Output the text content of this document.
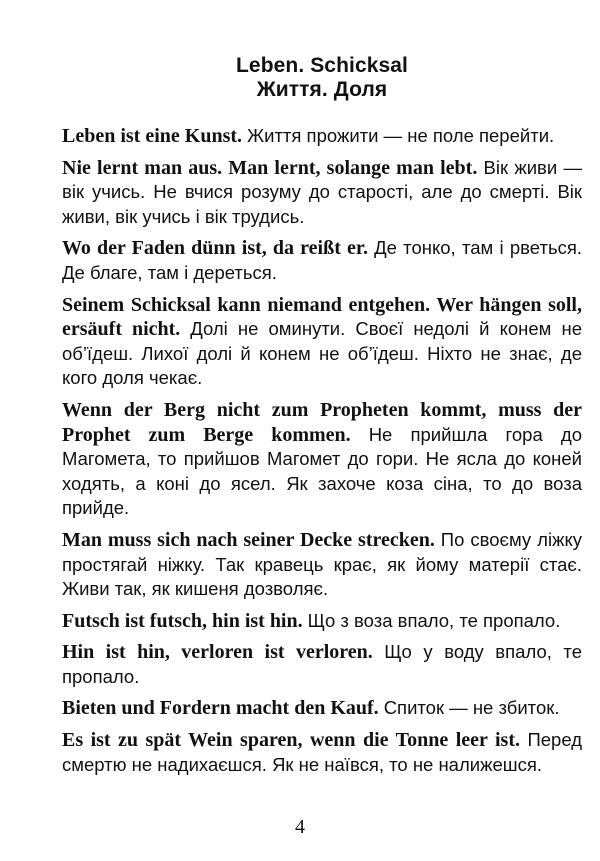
Leben. Schicksal
Життя. Доля

Leben ist eine Kunst. Життя прожити — не поле перейти.

Nie lernt man aus. Man lernt, solange man lebt. Вік живи — вік учись. Не вчися розуму до старості, але до смерті. Вік живи, вік учись і вік трудись.

Wo der Faden dünn ist, da reißt er. Де тонко, там і рветься. Де благе, там і дереться.

Seinem Schicksal kann niemand entgehen. Wer hängen soll, ersäuft nicht. Долі не оминути. Своєї недолі й конем не об’їдеш. Лихої долі й конем не об’їдеш. Ніхто не знає, де кого доля чекає.

Wenn der Berg nicht zum Propheten kommt, muss der Prophet zum Berge kommen. Не прийшла гора до Магомета, то прийшов Магомет до гори. Не ясла до коней ходять, а коні до ясел. Як захоче коза сіна, то до воза прийде.

Man muss sich nach seiner Decke strecken. По своєму ліжку простягай ніжку. Так кравець крає, як йому матерії стає. Живи так, як кишеня дозволяє.

Futsch ist futsch, hin ist hin. Що з воза впало, те пропало.

Hin ist hin, verloren ist verloren. Що у воду впало, те пропало.

Bieten und Fordern macht den Kauf. Спиток — не збиток.

Es ist zu spät Wein sparen, wenn die Tonne leer ist. Перед смертю не надихаєшся. Як не наївся, то не налижешся.

4
